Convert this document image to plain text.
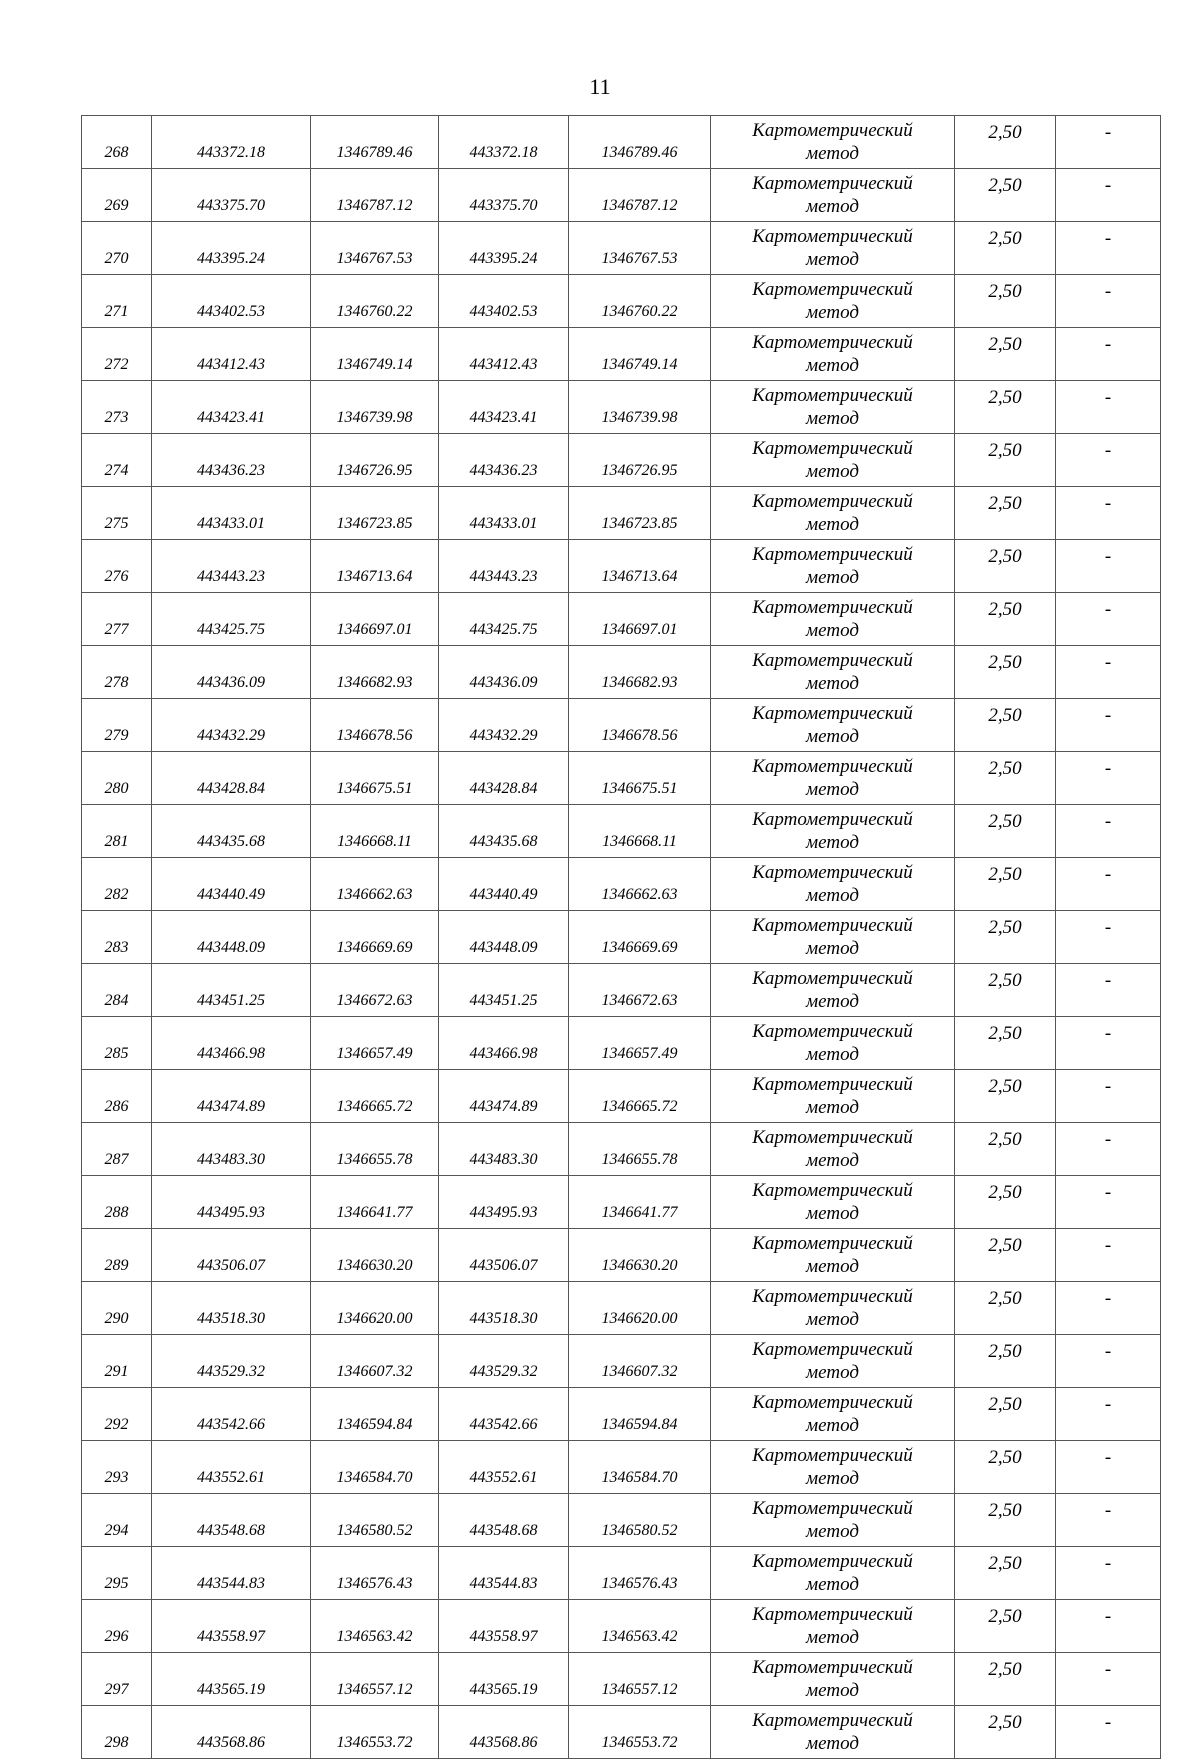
11
268	443372.18	1346789.46	443372.18	1346789.46	Картометрический
метод	2,50	-
269	443375.70	1346787.12	443375.70	1346787.12	Картометрический
метод	2,50	-
270	443395.24	1346767.53	443395.24	1346767.53	Картометрический
метод	2,50	-
271	443402.53	1346760.22	443402.53	1346760.22	Картометрический
метод	2,50	-
272	443412.43	1346749.14	443412.43	1346749.14	Картометрический
метод	2,50	-
273	443423.41	1346739.98	443423.41	1346739.98	Картометрический
метод	2,50	-
274	443436.23	1346726.95	443436.23	1346726.95	Картометрический
метод	2,50	-
275	443433.01	1346723.85	443433.01	1346723.85	Картометрический
метод	2,50	-
276	443443.23	1346713.64	443443.23	1346713.64	Картометрический
метод	2,50	-
277	443425.75	1346697.01	443425.75	1346697.01	Картометрический
метод	2,50	-
278	443436.09	1346682.93	443436.09	1346682.93	Картометрический
метод	2,50	-
279	443432.29	1346678.56	443432.29	1346678.56	Картометрический
метод	2,50	-
280	443428.84	1346675.51	443428.84	1346675.51	Картометрический
метод	2,50	-
281	443435.68	1346668.11	443435.68	1346668.11	Картометрический
метод	2,50	-
282	443440.49	1346662.63	443440.49	1346662.63	Картометрический
метод	2,50	-
283	443448.09	1346669.69	443448.09	1346669.69	Картометрический
метод	2,50	-
284	443451.25	1346672.63	443451.25	1346672.63	Картометрический
метод	2,50	-
285	443466.98	1346657.49	443466.98	1346657.49	Картометрический
метод	2,50	-
286	443474.89	1346665.72	443474.89	1346665.72	Картометрический
метод	2,50	-
287	443483.30	1346655.78	443483.30	1346655.78	Картометрический
метод	2,50	-
288	443495.93	1346641.77	443495.93	1346641.77	Картометрический
метод	2,50	-
289	443506.07	1346630.20	443506.07	1346630.20	Картометрический
метод	2,50	-
290	443518.30	1346620.00	443518.30	1346620.00	Картометрический
метод	2,50	-
291	443529.32	1346607.32	443529.32	1346607.32	Картометрический
метод	2,50	-
292	443542.66	1346594.84	443542.66	1346594.84	Картометрический
метод	2,50	-
293	443552.61	1346584.70	443552.61	1346584.70	Картометрический
метод	2,50	-
294	443548.68	1346580.52	443548.68	1346580.52	Картометрический
метод	2,50	-
295	443544.83	1346576.43	443544.83	1346576.43	Картометрический
метод	2,50	-
296	443558.97	1346563.42	443558.97	1346563.42	Картометрический
метод	2,50	-
297	443565.19	1346557.12	443565.19	1346557.12	Картометрический
метод	2,50	-
298	443568.86	1346553.72	443568.86	1346553.72	Картометрический
метод	2,50	-
